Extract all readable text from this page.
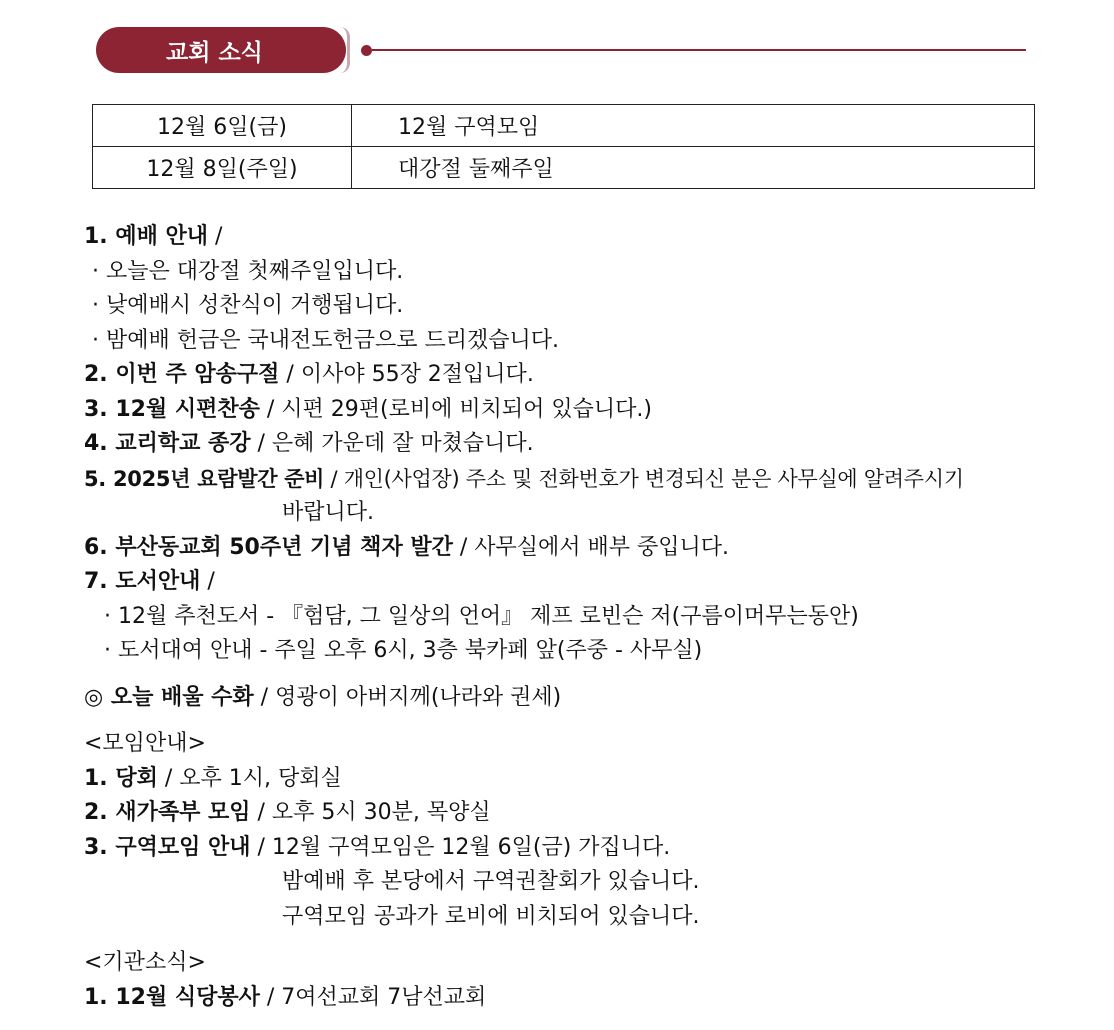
교회 소식
12월 6일(금)	12월 구역모임
12월 8일(주일)	대강절 둘째주일
1. 예배 안내 /
· 오늘은 대강절 첫째주일입니다.
· 낮예배시 성찬식이 거행됩니다.
· 밤예배 헌금은 국내전도헌금으로 드리겠습니다.
2. 이번 주 암송구절 / 이사야 55장 2절입니다.
3. 12월 시편찬송 / 시편 29편(로비에 비치되어 있습니다.)
4. 교리학교 종강 / 은혜 가운데 잘 마쳤습니다.
5. 2025년 요람발간 준비 / 개인(사업장) 주소 및 전화번호가 변경되신 분은 사무실에 알려주시기
바랍니다.
6. 부산동교회 50주년 기념 책자 발간 / 사무실에서 배부 중입니다.
7. 도서안내 /
· 12월 추천도서 - 『험담, 그 일상의 언어』 제프 로빈슨 저(구름이머무는동안)
· 도서대여 안내 - 주일 오후 6시, 3층 북카페 앞(주중 - 사무실)
◎ 오늘 배울 수화 / 영광이 아버지께(나라와 권세)
<모임안내>
1. 당회 / 오후 1시, 당회실
2. 새가족부 모임 / 오후 5시 30분, 목양실
3. 구역모임 안내 / 12월 구역모임은 12월 6일(금) 가집니다.
밤예배 후 본당에서 구역권찰회가 있습니다.
구역모임 공과가 로비에 비치되어 있습니다.
<기관소식>
1. 12월 식당봉사 / 7여선교회 7남선교회
